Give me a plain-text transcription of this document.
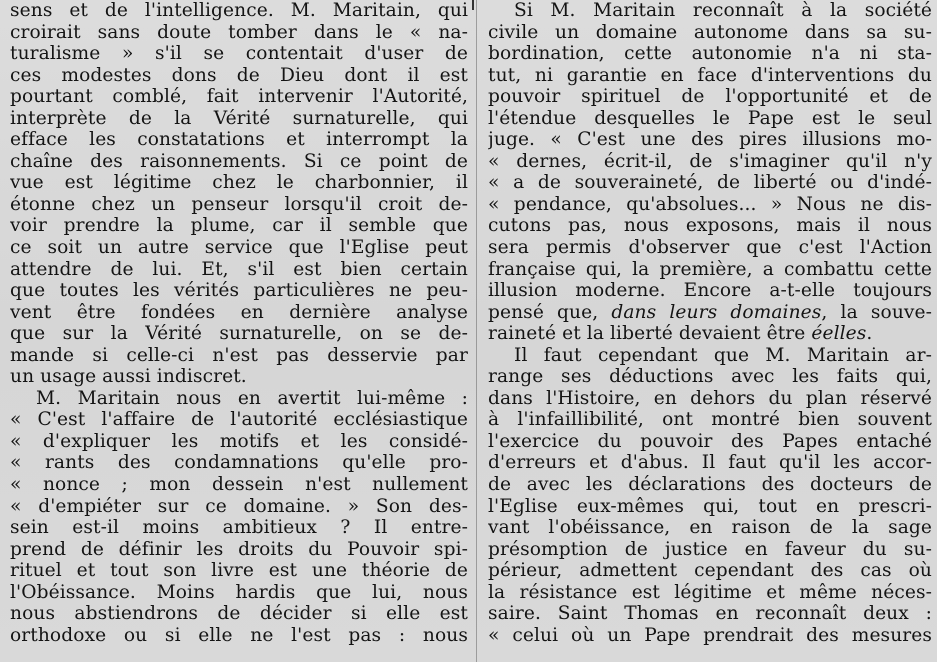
sens et de l'intelligence. M. Maritain, qui
croirait sans doute tomber dans le « na-
turalisme » s'il se contentait d'user de
ces modestes dons de Dieu dont il est
pourtant comblé, fait intervenir l'Autorité,
interprète de la Vérité surnaturelle, qui
efface les constatations et interrompt la
chaîne des raisonnements. Si ce point de
vue est légitime chez le charbonnier, il
étonne chez un penseur lorsqu'il croit de-
voir prendre la plume, car il semble que
ce soit un autre service que l'Eglise peut
attendre de lui. Et, s'il est bien certain
que toutes les vérités particulières ne peu-
vent être fondées en dernière analyse
que sur la Vérité surnaturelle, on se de-
mande si celle-ci n'est pas desservie par
un usage aussi indiscret.
M. Maritain nous en avertit lui-même :
« C'est l'affaire de l'autorité ecclésiastique
« d'expliquer les motifs et les considé-
« rants des condamnations qu'elle pro-
« nonce ; mon dessein n'est nullement
« d'empiéter sur ce domaine. » Son des-
sein est-il moins ambitieux ? Il entre-
prend de définir les droits du Pouvoir spi-
rituel et tout son livre est une théorie de
l'Obéissance. Moins hardis que lui, nous
nous abstiendrons de décider si elle est
orthodoxe ou si elle ne l'est pas : nous
Si M. Maritain reconnaît à la société
civile un domaine autonome dans sa su-
bordination, cette autonomie n'a ni sta-
tut, ni garantie en face d'interventions du
pouvoir spirituel de l'opportunité et de
l'étendue desquelles le Pape est le seul
juge. « C'est une des pires illusions mo-
« dernes, écrit-il, de s'imaginer qu'il n'y
« a de souveraineté, de liberté ou d'indé-
« pendance, qu'absolues... » Nous ne dis-
cutons pas, nous exposons, mais il nous
sera permis d'observer que c'est l'Action
française qui, la première, a combattu cette
illusion moderne. Encore a-t-elle toujours
pensé que, dans leurs domaines, la souve-
raineté et la liberté devaient être éelles.
Il faut cependant que M. Maritain ar-
range ses déductions avec les faits qui,
dans l'Histoire, en dehors du plan réservé
à l'infaillibilité, ont montré bien souvent
l'exercice du pouvoir des Papes entaché
d'erreurs et d'abus. Il faut qu'il les accor-
de avec les déclarations des docteurs de
l'Eglise eux-mêmes qui, tout en prescri-
vant l'obéissance, en raison de la sage
présomption de justice en faveur du su-
périeur, admettent cependant des cas où
la résistance est légitime et même néces-
saire. Saint Thomas en reconnaît deux :
« celui où un Pape prendrait des mesures
